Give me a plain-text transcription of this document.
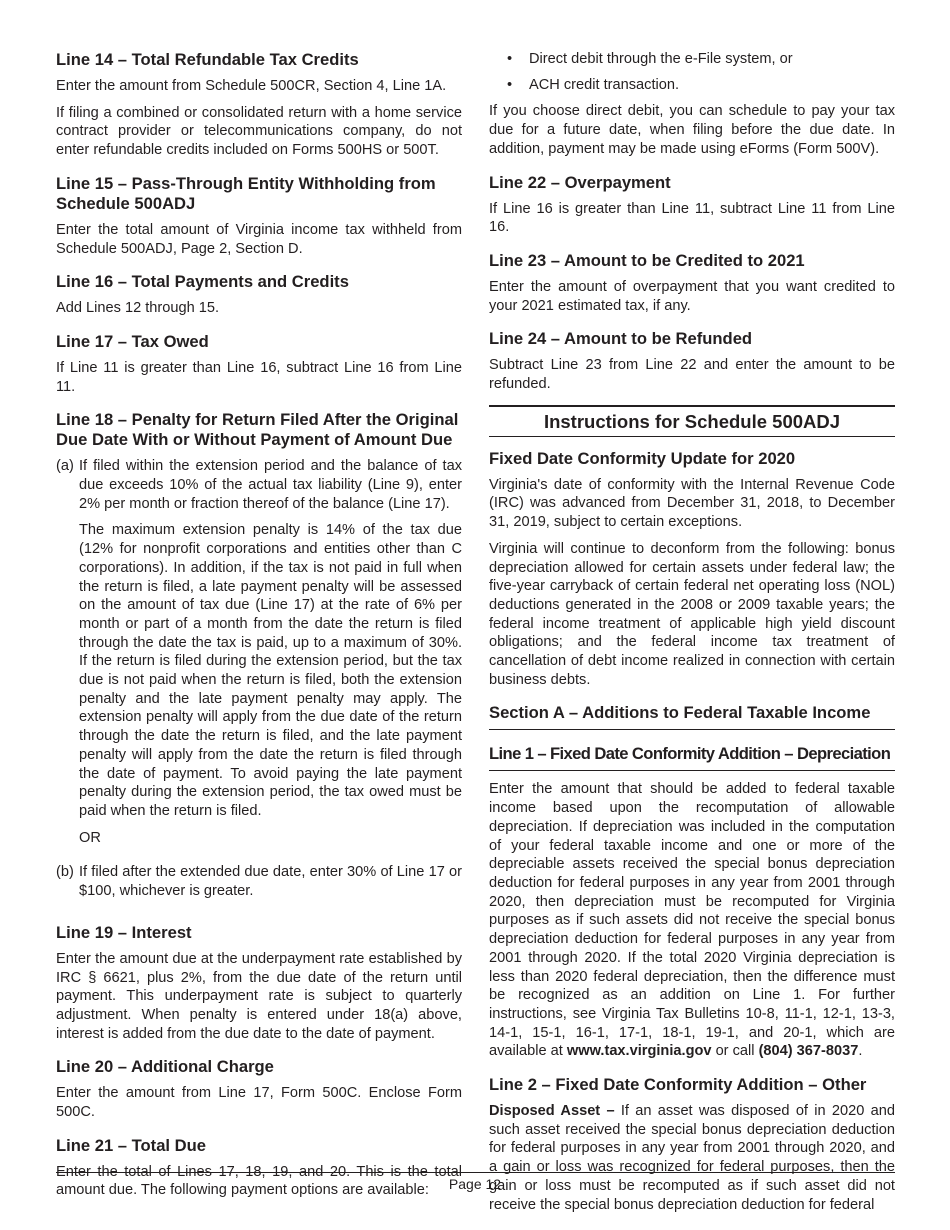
Line 14 – Total Refundable Tax Credits

Enter the amount from Schedule 500CR, Section 4, Line 1A.

If filing a combined or consolidated return with a home service contract provider or telecommunications company, do not enter refundable credits included on Forms 500HS or 500T.

Line 15 – Pass-Through Entity Withholding from Schedule 500ADJ

Enter the total amount of Virginia income tax withheld from Schedule 500ADJ, Page 2, Section D.

Line 16 – Total Payments and Credits

Add Lines 12 through 15.

Line 17 – Tax Owed

If Line 11 is greater than Line 16, subtract Line 16 from Line 11.

Line 18 – Penalty for Return Filed After the Original Due Date With or Without Payment of Amount Due
(a) If filed within the extension period and the balance of tax due exceeds 10% of the actual tax liability (Line 9), enter 2% per month or fraction thereof of the balance (Line 17).

The maximum extension penalty is 14% of the tax due (12% for nonprofit corporations and entities other than C corporations). In addition, if the tax is not paid in full when the return is filed, a late payment penalty will be assessed on the amount of tax due (Line 17) at the rate of 6% per month or part of a month from the date the return is filed through the date the tax is paid, up to a maximum of 30%. If the return is filed during the extension period, but the tax due is not paid when the return is filed, both the extension penalty and the late payment penalty may apply. The extension penalty will apply from the due date of the return through the date the return is filed, and the late payment penalty will apply from the date the return is filed through the date of payment. To avoid paying the late payment penalty during the extension period, the tax owed must be paid when the return is filed.

OR

(b) If filed after the extended due date, enter 30% of Line 17 or $100, whichever is greater.

Line 19 – Interest

Enter the amount due at the underpayment rate established by IRC § 6621, plus 2%, from the due date of the return until payment. This underpayment rate is subject to quarterly adjustment. When penalty is entered under 18(a) above, interest is added from the due date to the date of payment.

Line 20 – Additional Charge

Enter the amount from Line 17, Form 500C. Enclose Form 500C.

Line 21 – Total Due

Enter the total of Lines 17, 18, 19, and 20. This is the total amount due. The following payment options are available:

•	Direct debit through the e-File system, or
•	ACH credit transaction.

If you choose direct debit, you can schedule to pay your tax due for a future date, when filing before the due date. In addition, payment may be made using eForms (Form 500V).

Line 22 – Overpayment

If Line 16 is greater than Line 11, subtract Line 11 from Line 16.

Line 23 – Amount to be Credited to 2021

Enter the amount of overpayment that you want credited to your 2021 estimated tax, if any.

Line 24 – Amount to be Refunded

Subtract Line 23 from Line 22 and enter the amount to be refunded.

Instructions for Schedule 500ADJ
Fixed Date Conformity Update for 2020

Virginia's date of conformity with the Internal Revenue Code (IRC) was advanced from December 31, 2018, to December 31, 2019, subject to certain exceptions.

Virginia will continue to deconform from the following: bonus depreciation allowed for certain assets under federal law; the five-year carryback of certain federal net operating loss (NOL) deductions generated in the 2008 or 2009 taxable years; the federal income treatment of applicable high yield discount obligations; and the federal income tax treatment of cancellation of debt income realized in connection with certain business debts.

Section A – Additions to Federal Taxable Income
Line 1 – Fixed Date Conformity Addition – Depreciation

Enter the amount that should be added to federal taxable income based upon the recomputation of allowable depreciation. If depreciation was included in the computation of your federal taxable income and one or more of the depreciable assets received the special bonus depreciation deduction for federal purposes in any year from 2001 through 2020, then depreciation must be recomputed for Virginia purposes as if such assets did not receive the special bonus depreciation deduction for federal purposes in any year from 2001 through 2020. If the total 2020 Virginia depreciation is less than 2020 federal depreciation, then the difference must be recognized as an addition on Line 1. For further instructions, see Virginia Tax Bulletins 10-8, 11-1, 12-1, 13-3, 14-1, 15-1, 16-1, 17-1, 18-1, 19-1, and 20-1, which are available at www.tax.virginia.gov or call (804) 367-8037.

Line 2 – Fixed Date Conformity Addition – Other

Disposed Asset – If an asset was disposed of in 2020 and such asset received the special bonus depreciation deduction for federal purposes in any year from 2001 through 2020, and a gain or loss was recognized for federal purposes, then the gain or loss must be recomputed as if such asset did not receive the special bonus depreciation deduction for federal

Page 12
